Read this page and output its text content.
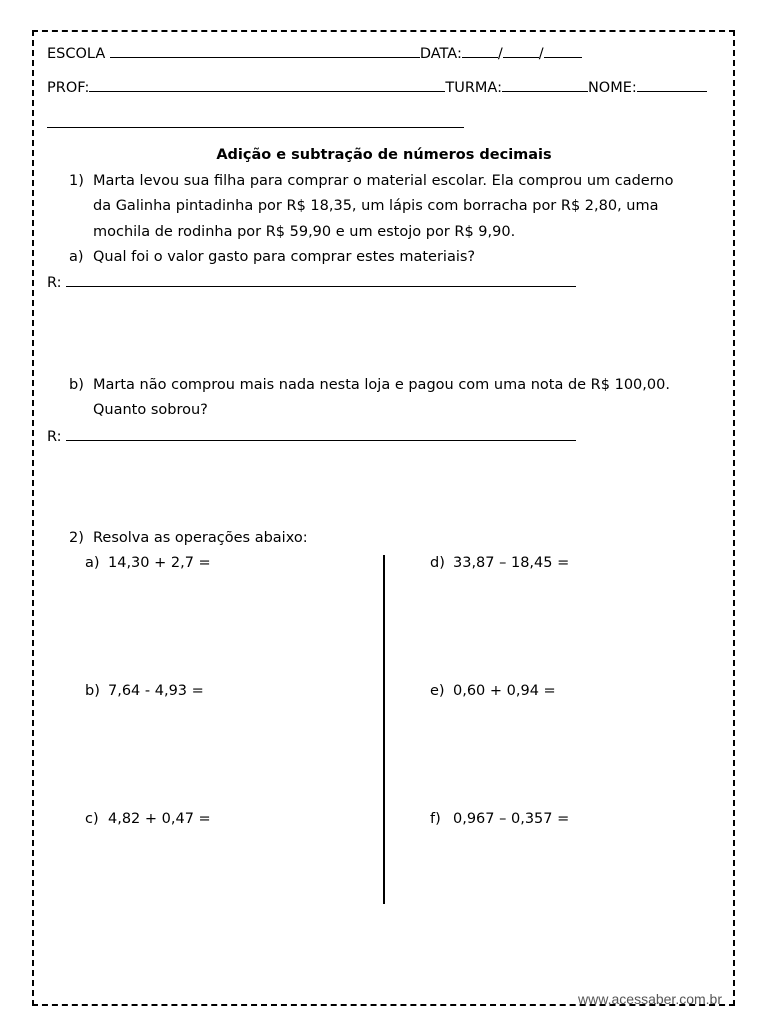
ESCOLA	DATA: / /
PROF:	TURMA:	NOME:
Adição e subtração de números decimais
1) Marta levou sua filha para comprar o material escolar. Ela comprou um caderno
da Galinha pintadinha por R$ 18,35, um lápis com borracha por R$ 2,80, uma
mochila de rodinha por R$ 59,90 e um estojo por R$ 9,90.
a) Qual foi o valor gasto para comprar estes materiais?
R:
b) Marta não comprou mais nada nesta loja e pagou com uma nota de R$ 100,00.
Quanto sobrou?
R:
2) Resolva as operações abaixo:
a) 14,30 + 2,7 =
b) 7,64 - 4,93 =
c) 4,82 + 0,47 =
d) 33,87 – 18,45 =
e) 0,60 + 0,94 =
f) 0,967 – 0,357 =
www.acessaber.com.br
